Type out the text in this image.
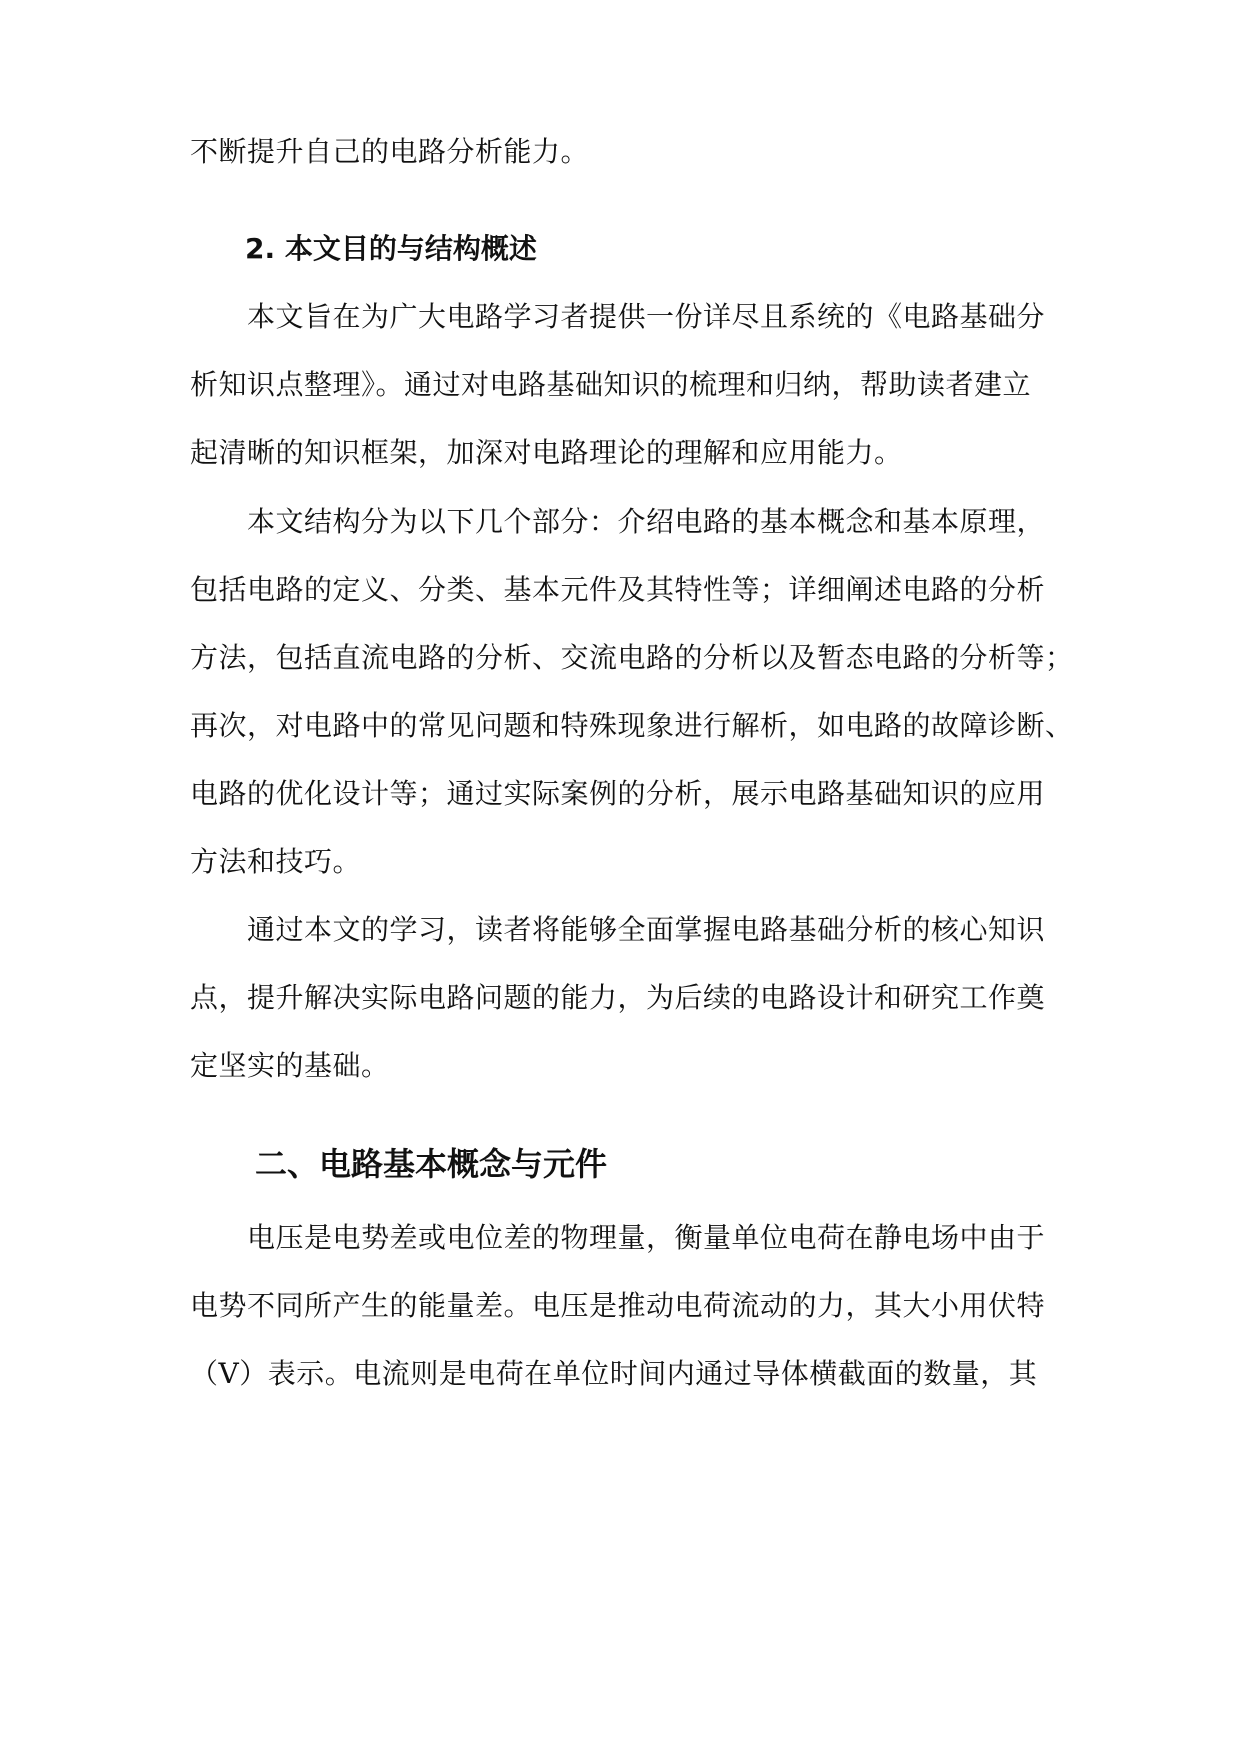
不断提升自己的电路分析能力。
2. 本文目的与结构概述
本文旨在为广大电路学习者提供一份详尽且系统的《电路基础分
析知识点整理》。通过对电路基础知识的梳理和归纳，帮助读者建立
起清晰的知识框架，加深对电路理论的理解和应用能力。
本文结构分为以下几个部分：介绍电路的基本概念和基本原理，
包括电路的定义、分类、基本元件及其特性等；详细阐述电路的分析
方法，包括直流电路的分析、交流电路的分析以及暂态电路的分析等；
再次，对电路中的常见问题和特殊现象进行解析，如电路的故障诊断、
电路的优化设计等；通过实际案例的分析，展示电路基础知识的应用
方法和技巧。
通过本文的学习，读者将能够全面掌握电路基础分析的核心知识
点，提升解决实际电路问题的能力，为后续的电路设计和研究工作奠
定坚实的基础。
二、电路基本概念与元件
电压是电势差或电位差的物理量，衡量单位电荷在静电场中由于
电势不同所产生的能量差。电压是推动电荷流动的力，其大小用伏特
（V）表示。电流则是电荷在单位时间内通过导体横截面的数量，其
